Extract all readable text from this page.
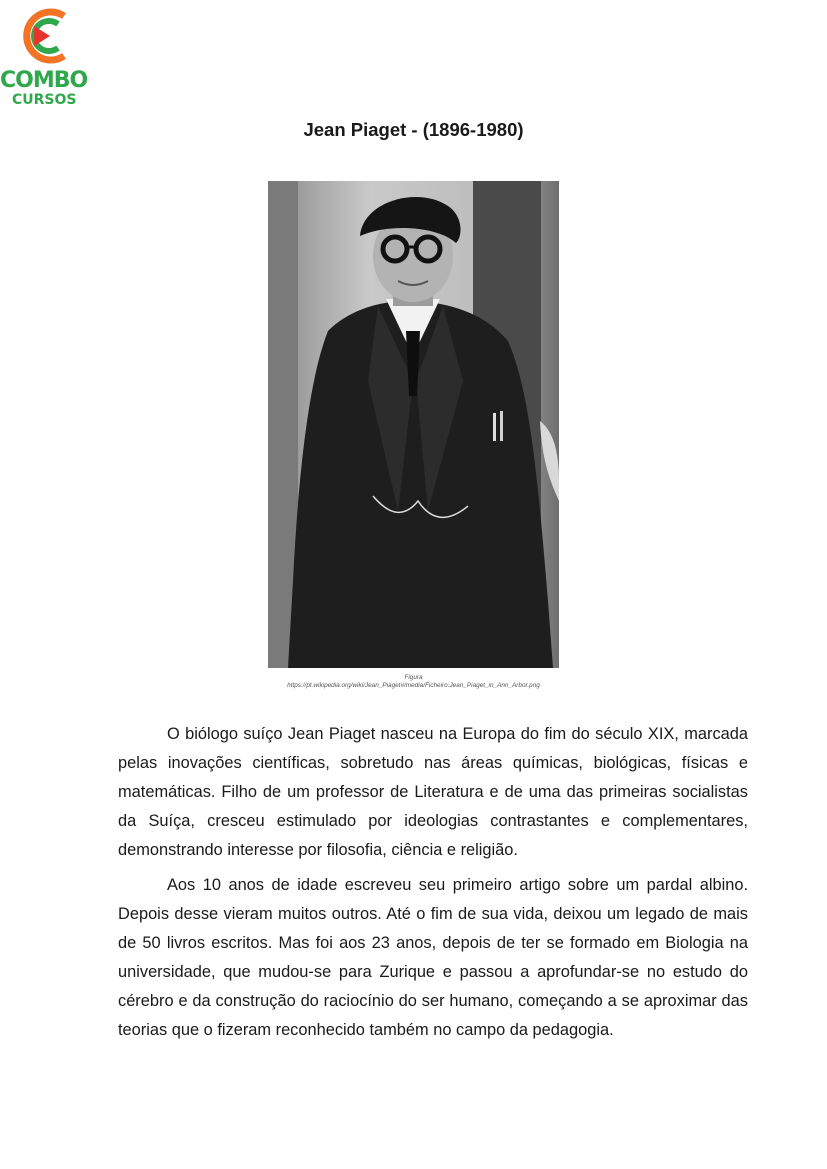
COMBO
CURSOS
Jean Piaget - (1896-1980)
Figura
https://pt.wikipedia.org/wiki/Jean_Piaget#/media/Ficheiro:Jean_Piaget_in_Ann_Arbor.png

O biólogo suíço Jean Piaget nasceu na Europa do fim do século XIX, marcada pelas inovações científicas, sobretudo nas áreas químicas, biológicas, físicas e matemáticas. Filho de um professor de Literatura e de uma das primeiras socialistas da Suíça, cresceu estimulado por ideologias contrastantes e complementares, demonstrando interesse por filosofia, ciência e religião.

Aos 10 anos de idade escreveu seu primeiro artigo sobre um pardal albino. Depois desse vieram muitos outros. Até o fim de sua vida, deixou um legado de mais de 50 livros escritos. Mas foi aos 23 anos, depois de ter se formado em Biologia na universidade, que mudou-se para Zurique e passou a aprofundar-se no estudo do cérebro e da construção do raciocínio do ser humano, começando a se aproximar das teorias que o fizeram reconhecido também no campo da pedagogia.
